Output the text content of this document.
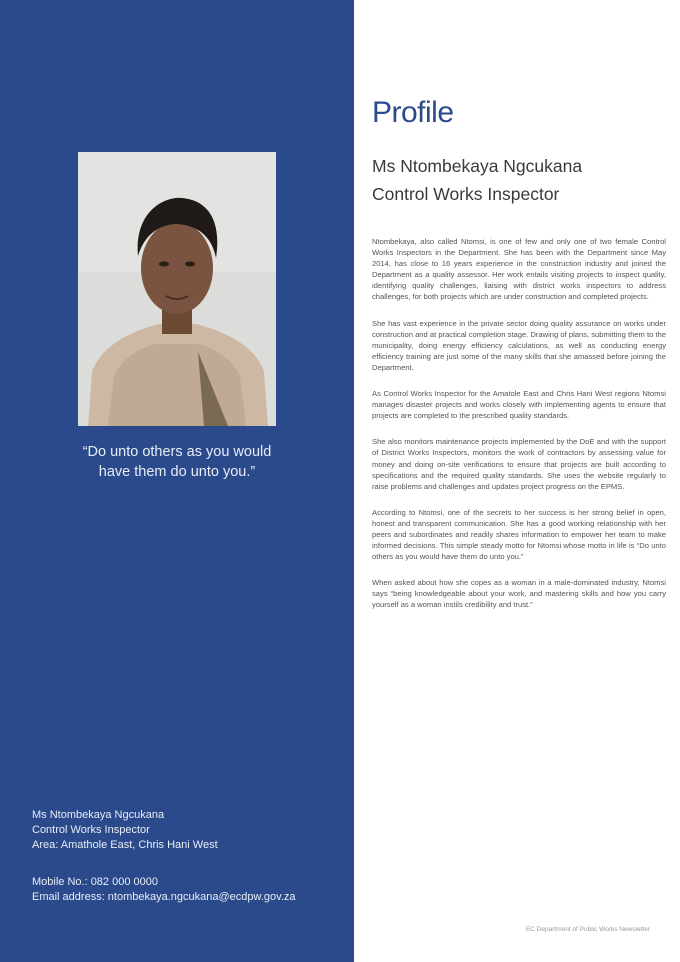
“Do unto others as you would have them do unto you.”
Ms Ntombekaya Ngcukana
Control Works Inspector
Area: Amathole East, Chris Hani West
Mobile No.: 082 000 0000
Email address: ntombekaya.ngcukana@ecdpw.gov.za
Profile
Ms Ntombekaya Ngcukana
Control Works Inspector

Ntombekaya, also called Ntomsi, is one of few and only one of two female Control Works Inspectors in the Department. She has been with the Department since May 2014, has close to 16 years experience in the construction industry and joined the Department as a quality assessor. Her work entails visiting projects to inspect quality, identifying quality challenges, liaising with district works inspectors to address challenges, for both projects which are under construction and completed projects.

She has vast experience in the private sector doing quality assurance on works under construction and at practical completion stage. Drawing of plans, submitting them to the municipality, doing energy efficiency calculations, as well as conducting energy efficiency training are just some of the many skills that she amassed before joining the Department.

As Control Works Inspector for the Amatole East and Chris Hani West regions Ntomsi manages disaster projects and works closely with implementing agents to ensure that projects are completed to the prescribed quality standards.

She also monitors maintenance projects implemented by the DoE and with the support of District Works Inspectors, monitors the work of contractors by assessing value for money and doing on-site verifications to ensure that projects are built according to specifications and the required quality standards. She uses the website regularly to raise problems and challenges and updates project progress on the EPMS.

According to Ntomsi, one of the secrets to her success is her strong belief in open, honest and transparent communication. She has a good working relationship with her peers and subordinates and readily shares information to empower her team to make informed decisions. This simple steady motto for Ntomsi whose motto in life is “Do unto others as you would have them do unto you.”

When asked about how she copes as a woman in a male-dominated industry, Ntomsi says “being knowledgeable about your work, and mastering skills and how you carry yourself as a woman instils credibility and trust.”

EC Department of Public Works Newsletter
